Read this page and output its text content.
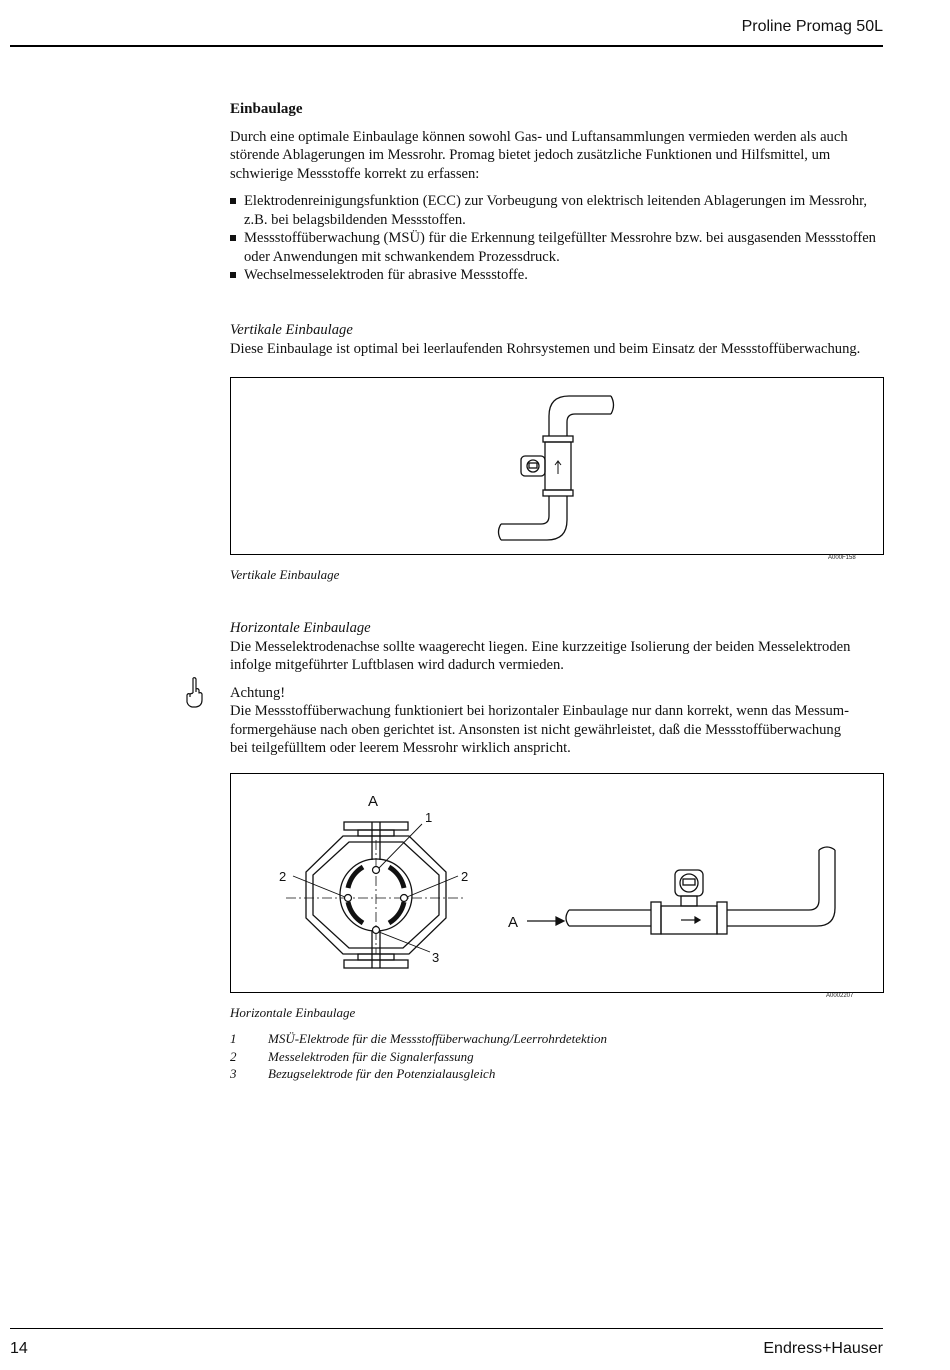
Proline Promag 50L
Einbaulage

Durch eine optimale Einbaulage können sowohl Gas- und Luftansammlungen vermieden werden als auch
störende Ablagerungen im Messrohr. Promag bietet jedoch zusätzliche Funktionen und Hilfsmittel, um
schwierige Messstoffe korrekt zu erfassen:

Elektrodenreinigungsfunktion (ECC) zur Vorbeugung von elektrisch leitenden Ablagerungen im Messrohr,
z.B. bei belagsbildenden Messstoffen.
Messstoffüberwachung (MSÜ) für die Erkennung teilgefüllter Messrohre bzw. bei ausgasenden Messstoffen
oder Anwendungen mit schwankendem Prozessdruck.
Wechselmesselektroden für abrasive Messstoffe.

Vertikale Einbaulage

Diese Einbaulage ist optimal bei leerlaufenden Rohrsystemen und beim Einsatz der Messstoffüberwachung.

A000F158
Vertikale Einbaulage

Horizontale Einbaulage

Die Messelektrodenachse sollte waagerecht liegen. Eine kurzzeitige Isolierung der beiden Messelektroden
infolge mitgeführter Luftblasen wird dadurch vermieden.

Achtung!

Die Messstoffüberwachung funktioniert bei horizontaler Einbaulage nur dann korrekt, wenn das Messum-
formergehäuse nach oben gerichtet ist. Ansonsten ist nicht gewährleistet, daß die Messstoffüberwachung
bei teilgefülltem oder leerem Messrohr wirklich anspricht.

A
1
2	2
3
A
A0002207
Horizontale Einbaulage
1 MSÜ-Elektrode für die Messstoffüberwachung/Leerrohrdetektion
2 Messelektroden für die Signalerfassung
3 Bezugselektrode für den Potenzialausgleich
14	Endress+Hauser
